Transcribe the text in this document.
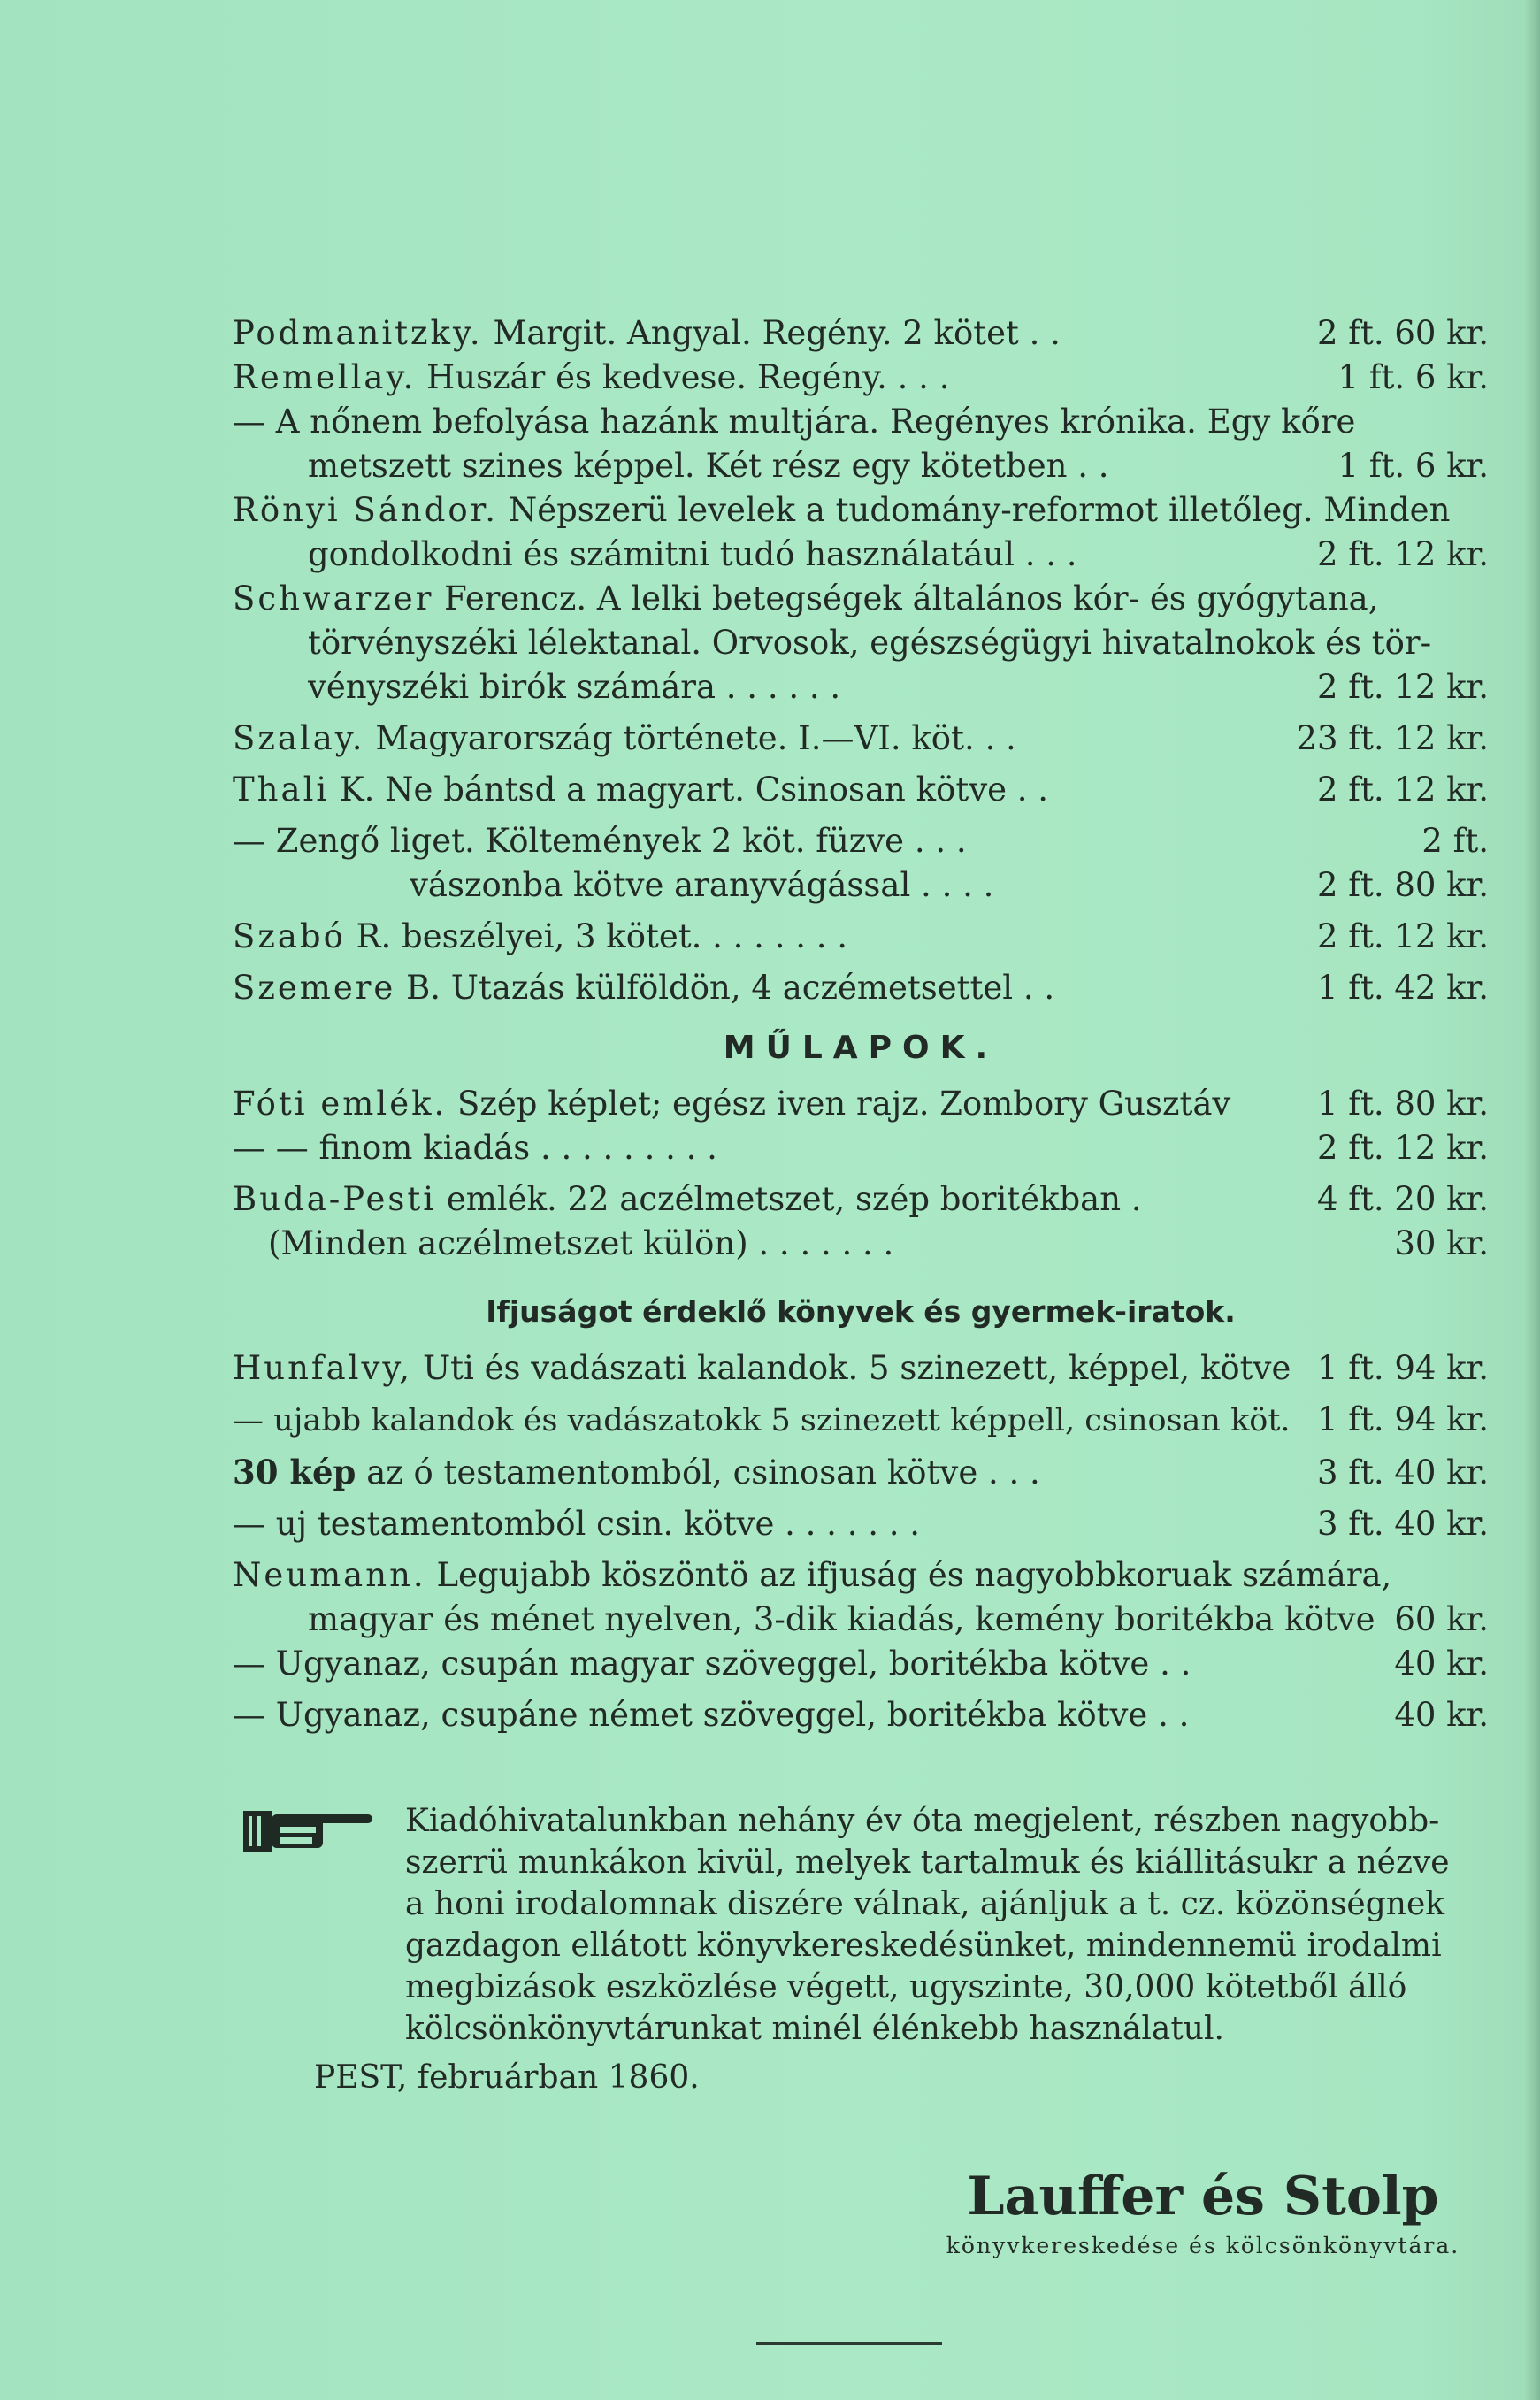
Podmanitzky. Margit. Angyal. Regény. 2 kötet . .	2 ft. 60 kr.
Remellay. Huszár és kedvese. Regény. . . .	1 ft. 6 kr.
— A nőnem befolyása hazánk multjára. Regényes krónika. Egy kőre
metszett szines képpel. Két rész egy kötetben . .	1 ft. 6 kr.
Rönyi Sándor. Népszerü levelek a tudomány-reformot illetőleg. Minden
gondolkodni és számitni tudó használatául . . .	2 ft. 12 kr.
Schwarzer Ferencz. A lelki betegségek általános kór- és gyógytana,
törvényszéki lélektanal. Orvosok, egészségügyi hivatalnokok és tör-
vényszéki birók számára . . . . . .	2 ft. 12 kr.
Szalay. Magyarország története. I.—VI. köt. . .	23 ft. 12 kr.
Thali K. Ne bántsd a magyart. Csinosan kötve . .	2 ft. 12 kr.
— Zengő liget. Költemények 2 köt. füzve . . .	2 ft.
vászonba kötve aranyvágással . . . .	2 ft. 80 kr.
Szabó R. beszélyei, 3 kötet. . . . . . . .	2 ft. 12 kr.
Szemere B. Utazás külföldön, 4 aczémetsettel . .	1 ft. 42 kr.
MŰLAPOK.
Fóti emlék. Szép képlet; egész iven rajz. Zombory Gusztáv	1 ft. 80 kr.
— — finom kiadás . . . . . . . . .	2 ft. 12 kr.
Buda-Pesti emlék. 22 aczélmetszet, szép boritékban .	4 ft. 20 kr.
(Minden aczélmetszet külön) . . . . . . .	30 kr.
Ifjuságot érdeklő könyvek és gyermek-iratok.
Hunfalvy, Uti és vadászati kalandok. 5 szinezett, képpel, kötve 1 ft. 94 kr.
— ujabb kalandok és vadászatokk 5 szinezett képpell, csinosan köt. 1 ft. 94 kr.
30 kép az ó testamentomból, csinosan kötve . . .	3 ft. 40 kr.
— uj testamentomból csin. kötve . . . . . . .	3 ft. 40 kr.
Neumann. Legujabb köszöntö az ifjuság és nagyobbkoruak számára,
magyar és ménet nyelven, 3-dik kiadás, kemény boritékba kötve 60 kr.
— Ugyanaz, csupán magyar szöveggel, boritékba kötve . .	40 kr.
— Ugyanaz, csupáne német szöveggel, boritékba kötve . .	40 kr.
Kiadóhivatalunkban nehány év óta megjelent, részben nagyobb-
szerrü munkákon kivül, melyek tartalmuk és kiállitásukr a nézve
a honi irodalomnak diszére válnak, ajánljuk a t. cz. közönségnek
gazdagon ellátott könyvkereskedésünket, mindennemü irodalmi
megbizások eszközlése végett, ugyszinte, 30,000 kötetből álló
kölcsönkönyvtárunkat minél élénkebb használatul.
PEST, februárban 1860.
Lauffer és Stolp
könyvkereskedése és kölcsönkönyvtára.
